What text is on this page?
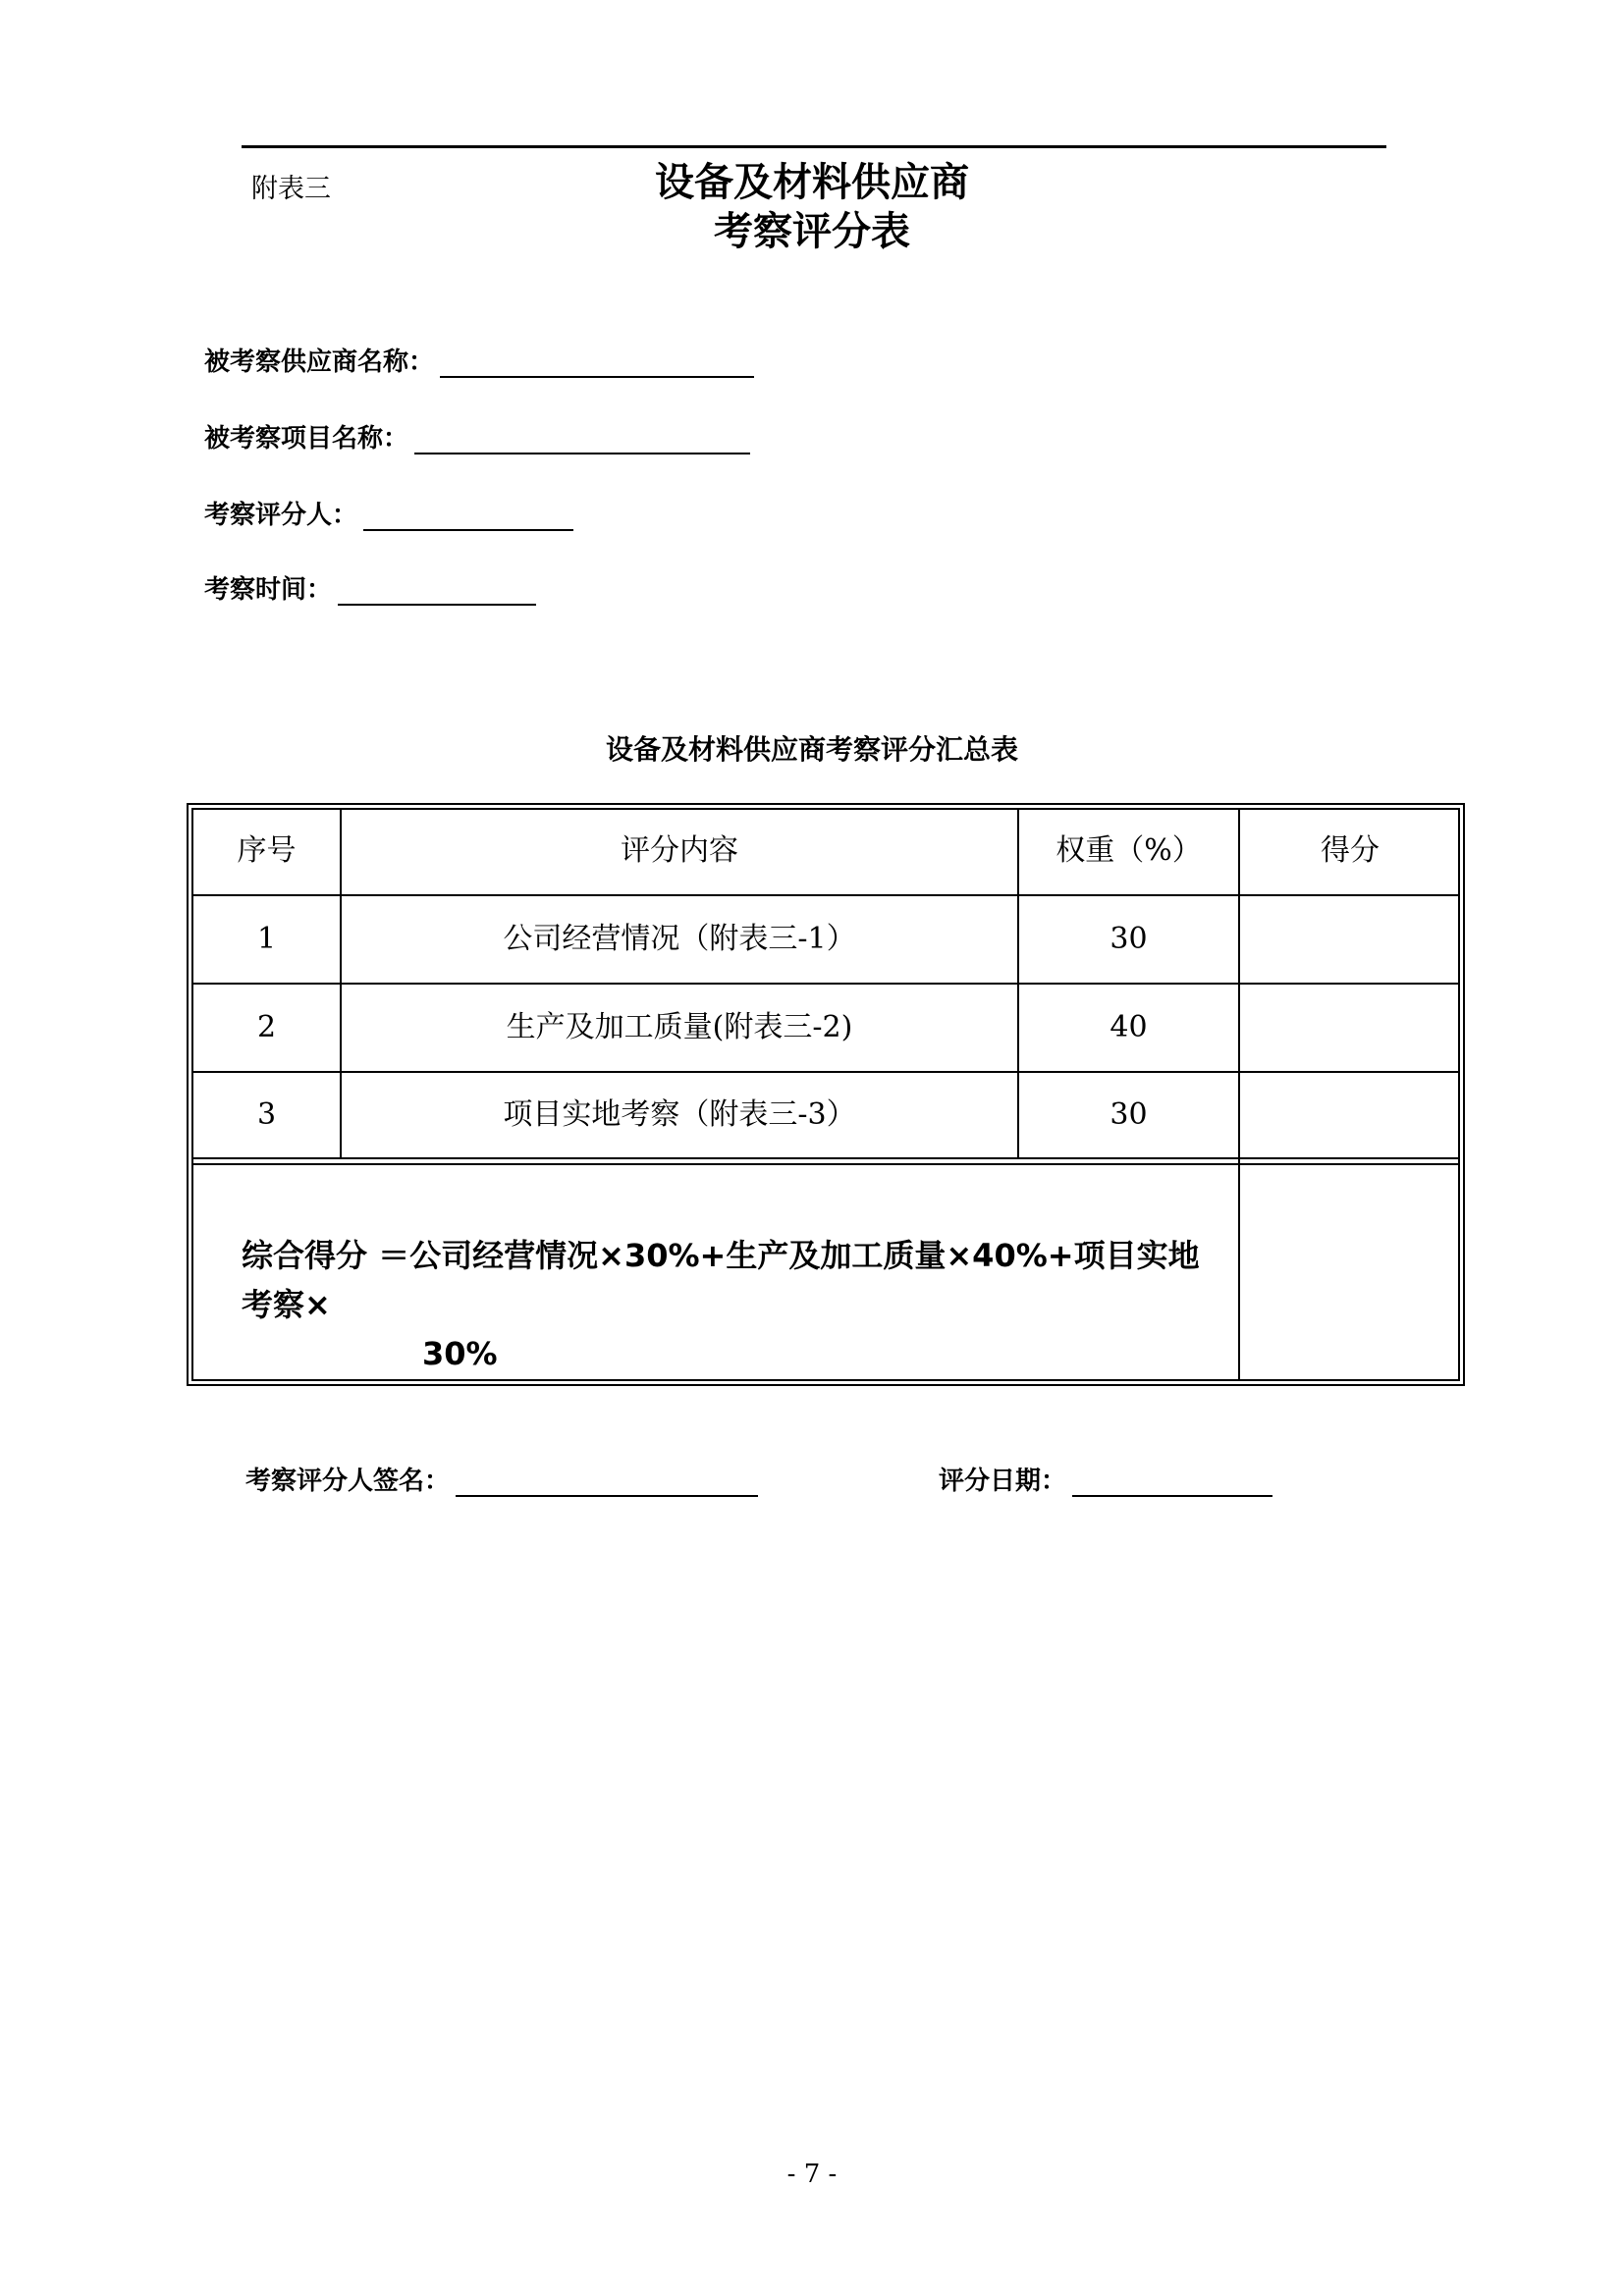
附表三	设备及材料供应商
考察评分表
被考察供应商名称：
被考察项目名称：
考察评分人：
考察时间：
设备及材料供应商考察评分汇总表
序号	评分内容	权重（%）	得分
1	公司经营情况（附表三-1）	30
2	生产及加工质量(附表三-2)	40
3	项目实地考察（附表三-3）	30
综合得分 ＝公司经营情况×30%+生产及加工质量×40%+项目实地考察×
30%
考察评分人签名：	评分日期：
- 7 -
